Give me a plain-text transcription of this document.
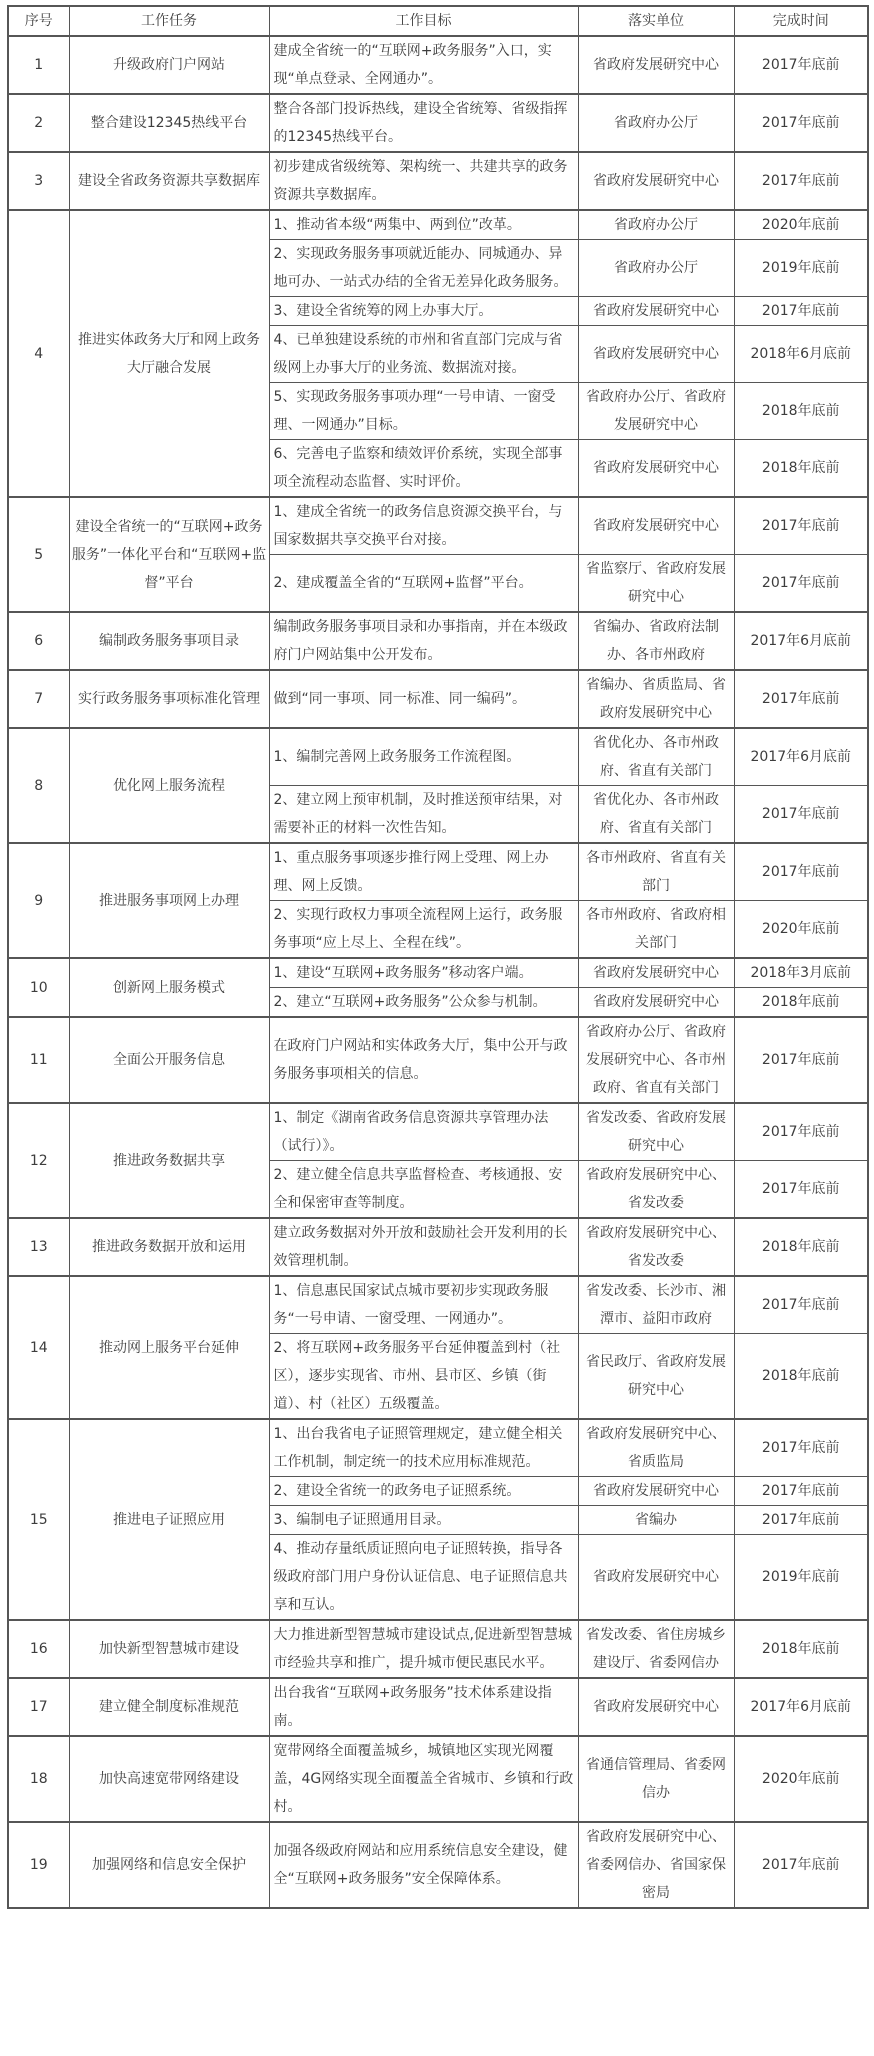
序号	工作任务	工作目标	落实单位	完成时间
1	升级政府门户网站	建成全省统一的“互联网+政务服务”入口，实现“单点登录、全网通办”。	省政府发展研究中心	2017年底前
2	整合建设12345热线平台	整合各部门投诉热线，建设全省统筹、省级指挥的12345热线平台。	省政府办公厅	2017年底前
3	建设全省政务资源共享数据库	初步建成省级统筹、架构统一、共建共享的政务资源共享数据库。	省政府发展研究中心	2017年底前
4	推进实体政务大厅和网上政务大厅融合发展	1、推动省本级“两集中、两到位”改革。	省政府办公厅	2020年底前
		2、实现政务服务事项就近能办、同城通办、异地可办、一站式办结的全省无差异化政务服务。	省政府办公厅	2019年底前
		3、建设全省统筹的网上办事大厅。	省政府发展研究中心	2017年底前
		4、已单独建设系统的市州和省直部门完成与省级网上办事大厅的业务流、数据流对接。	省政府发展研究中心	2018年6月底前
		5、实现政务服务事项办理“一号申请、一窗受理、一网通办”目标。	省政府办公厅、省政府发展研究中心	2018年底前
		6、完善电子监察和绩效评价系统，实现全部事项全流程动态监督、实时评价。	省政府发展研究中心	2018年底前
5	建设全省统一的“互联网+政务服务”一体化平台和“互联网+监督”平台	1、建成全省统一的政务信息资源交换平台，与国家数据共享交换平台对接。	省政府发展研究中心	2017年底前
		2、建成覆盖全省的“互联网+监督”平台。	省监察厅、省政府发展研究中心	2017年底前
6	编制政务服务事项目录	编制政务服务事项目录和办事指南，并在本级政府门户网站集中公开发布。	省编办、省政府法制办、各市州政府	2017年6月底前
7	实行政务服务事项标准化管理	做到“同一事项、同一标准、同一编码”。	省编办、省质监局、省政府发展研究中心	2017年底前
8	优化网上服务流程	1、编制完善网上政务服务工作流程图。	省优化办、各市州政府、省直有关部门	2017年6月底前
		2、建立网上预审机制，及时推送预审结果，对需要补正的材料一次性告知。	省优化办、各市州政府、省直有关部门	2017年底前
9	推进服务事项网上办理	1、重点服务事项逐步推行网上受理、网上办理、网上反馈。	各市州政府、省直有关部门	2017年底前
		2、实现行政权力事项全流程网上运行，政务服务事项“应上尽上、全程在线”。	各市州政府、省政府相关部门	2020年底前
10	创新网上服务模式	1、建设“互联网+政务服务”移动客户端。	省政府发展研究中心	2018年3月底前
		2、建立“互联网+政务服务”公众参与机制。	省政府发展研究中心	2018年底前
11	全面公开服务信息	在政府门户网站和实体政务大厅，集中公开与政务服务事项相关的信息。	省政府办公厅、省政府发展研究中心、各市州政府、省直有关部门	2017年底前
12	推进政务数据共享	1、制定《湖南省政务信息资源共享管理办法（试行）》。	省发改委、省政府发展研究中心	2017年底前
		2、建立健全信息共享监督检查、考核通报、安全和保密审查等制度。	省政府发展研究中心、省发改委	2017年底前
13	推进政务数据开放和运用	建立政务数据对外开放和鼓励社会开发利用的长效管理机制。	省政府发展研究中心、省发改委	2018年底前
14	推动网上服务平台延伸	1、信息惠民国家试点城市要初步实现政务服务“一号申请、一窗受理、一网通办”。	省发改委、长沙市、湘潭市、益阳市政府	2017年底前
		2、将互联网+政务服务平台延伸覆盖到村（社区），逐步实现省、市州、县市区、乡镇（街道）、村（社区）五级覆盖。	省民政厅、省政府发展研究中心	2018年底前
15	推进电子证照应用	1、出台我省电子证照管理规定，建立健全相关工作机制，制定统一的技术应用标准规范。	省政府发展研究中心、省质监局	2017年底前
		2、建设全省统一的政务电子证照系统。	省政府发展研究中心	2017年底前
		3、编制电子证照通用目录。	省编办	2017年底前
		4、推动存量纸质证照向电子证照转换，指导各级政府部门用户身份认证信息、电子证照信息共享和互认。	省政府发展研究中心	2019年底前
16	加快新型智慧城市建设	大力推进新型智慧城市建设试点,促进新型智慧城市经验共享和推广，提升城市便民惠民水平。	省发改委、省住房城乡建设厅、省委网信办	2018年底前
17	建立健全制度标准规范	出台我省“互联网+政务服务”技术体系建设指南。	省政府发展研究中心	2017年6月底前
18	加快高速宽带网络建设	宽带网络全面覆盖城乡，城镇地区实现光网覆盖，4G网络实现全面覆盖全省城市、乡镇和行政村。	省通信管理局、省委网信办	2020年底前
19	加强网络和信息安全保护	加强各级政府网站和应用系统信息安全建设，健全“互联网+政务服务”安全保障体系。	省政府发展研究中心、省委网信办、省国家保密局	2017年底前
